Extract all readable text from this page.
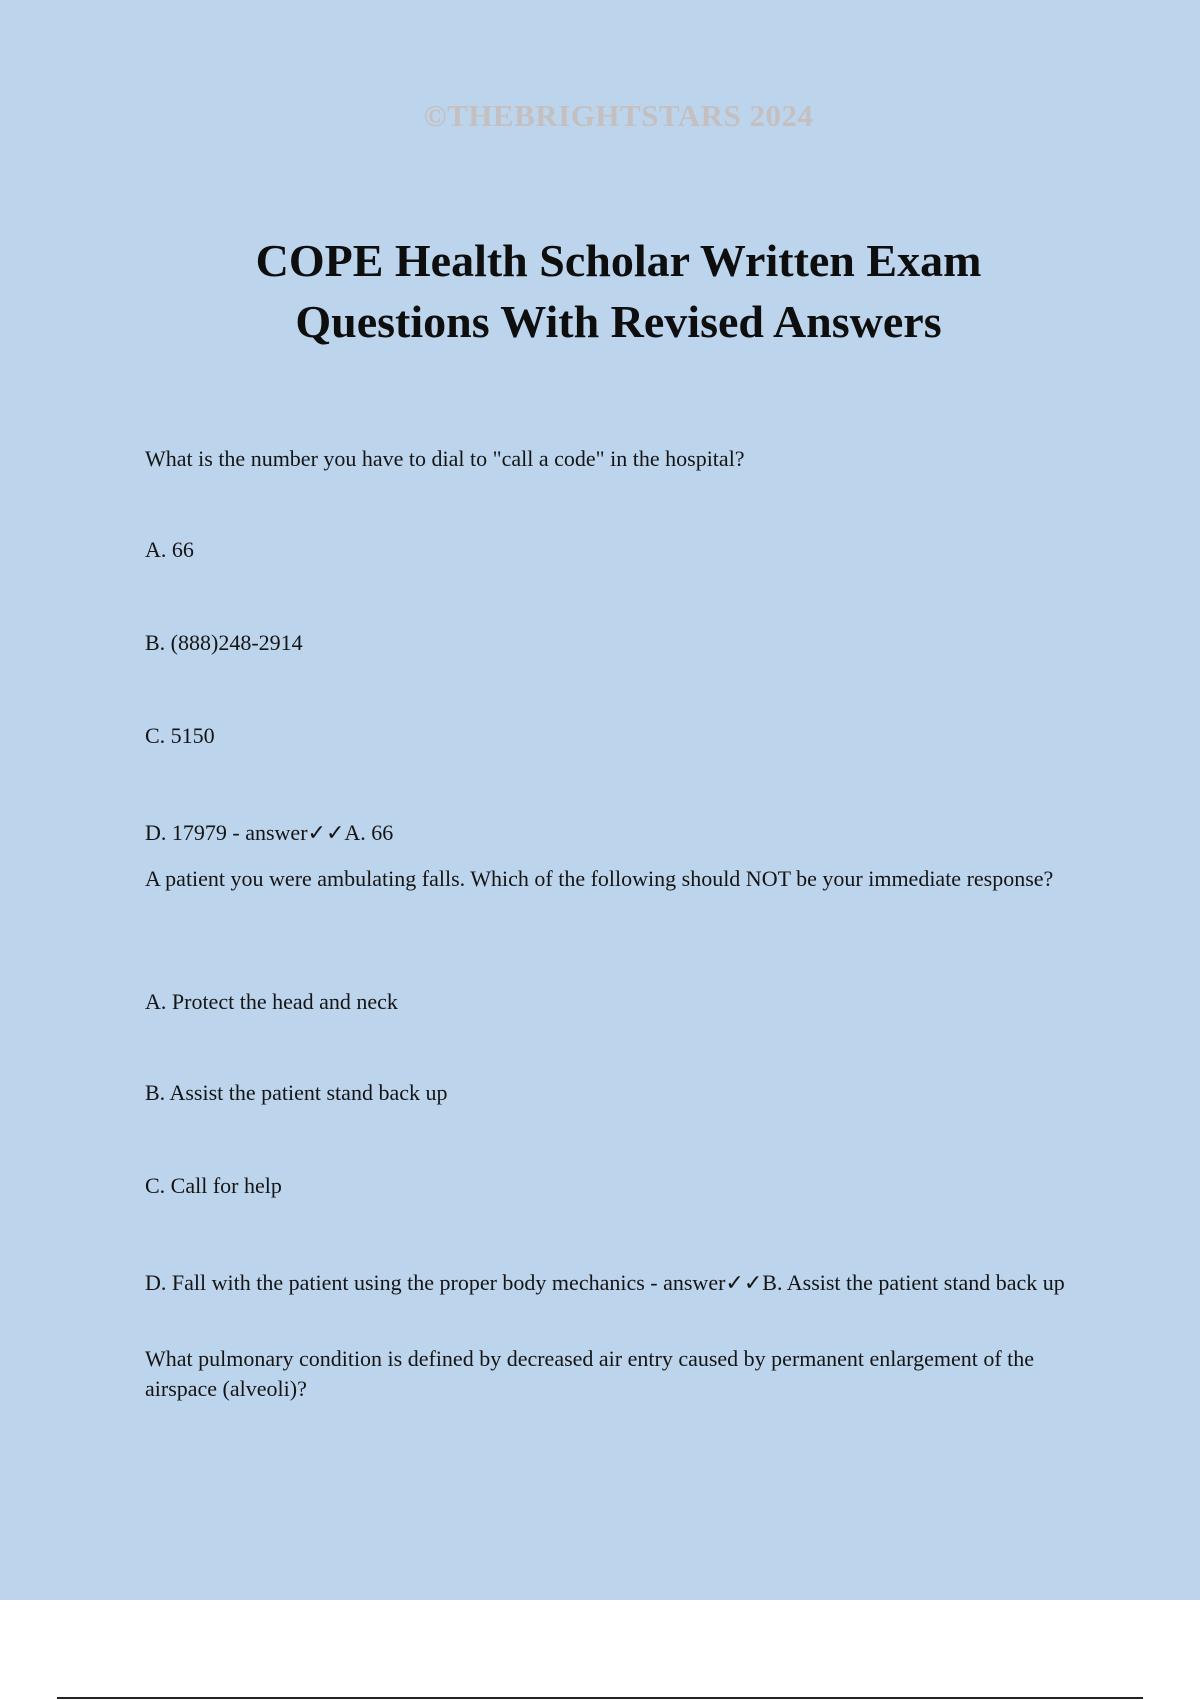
©THEBRIGHTSTARS 2024
COPE Health Scholar Written Exam
Questions With Revised Answers

What is the number you have to dial to "call a code" in the hospital?

A. 66

B. (888)248-2914

C. 5150

D. 17979 - answer✓✓A. 66

A patient you were ambulating falls. Which of the following should NOT be your immediate response?

A. Protect the head and neck

B. Assist the patient stand back up

C. Call for help

D. Fall with the patient using the proper body mechanics - answer✓✓B. Assist the patient stand back up

What pulmonary condition is defined by decreased air entry caused by permanent enlargement of the airspace (alveoli)?
